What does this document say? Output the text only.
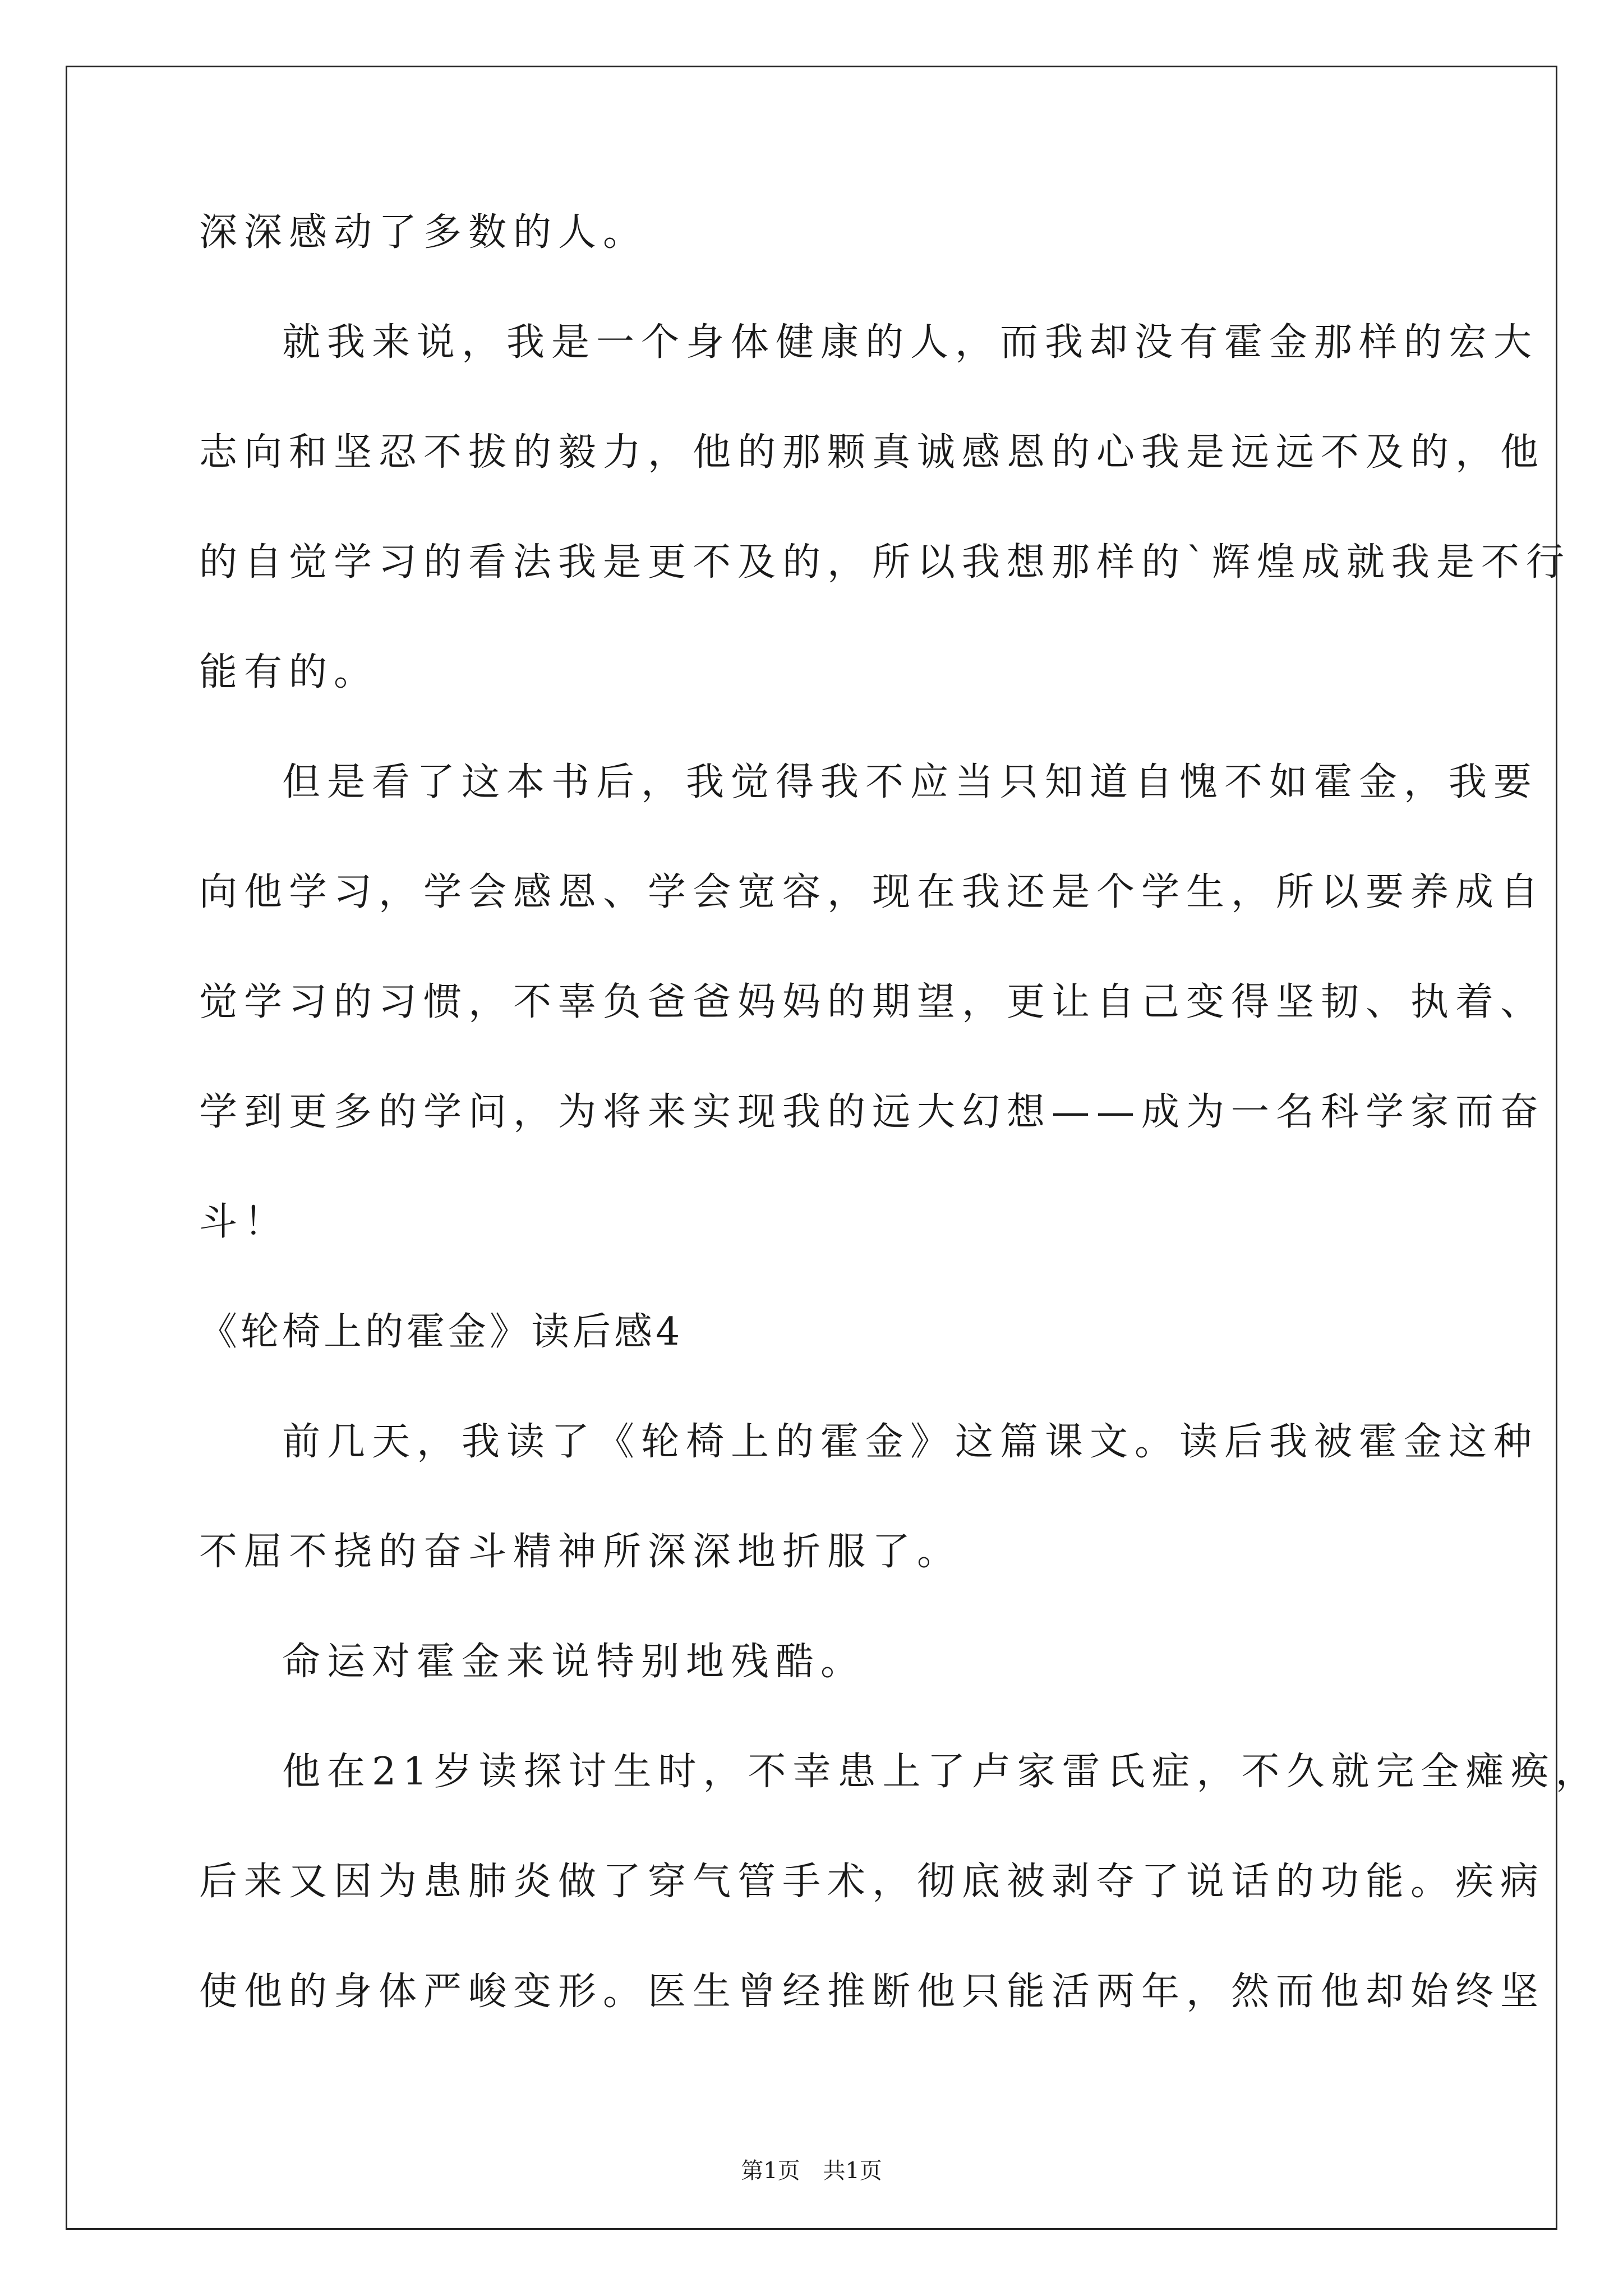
深深感动了多数的人。
就我来说，我是一个身体健康的人，而我却没有霍金那样的宏大
志向和坚忍不拔的毅力，他的那颗真诚感恩的心我是远远不及的，他
的自觉学习的看法我是更不及的，所以我想那样的`辉煌成就我是不行
能有的。
但是看了这本书后，我觉得我不应当只知道自愧不如霍金，我要
向他学习，学会感恩、学会宽容，现在我还是个学生，所以要养成自
觉学习的习惯，不辜负爸爸妈妈的期望，更让自己变得坚韧、执着、
学到更多的学问，为将来实现我的远大幻想——成为一名科学家而奋
斗！
《轮椅上的霍金》读后感4
前几天，我读了《轮椅上的霍金》这篇课文。读后我被霍金这种
不屈不挠的奋斗精神所深深地折服了。
命运对霍金来说特别地残酷。
他在21岁读探讨生时，不幸患上了卢家雷氏症，不久就完全瘫痪，
后来又因为患肺炎做了穿气管手术，彻底被剥夺了说话的功能。疾病
使他的身体严峻变形。医生曾经推断他只能活两年，然而他却始终坚
第1页 共1页
